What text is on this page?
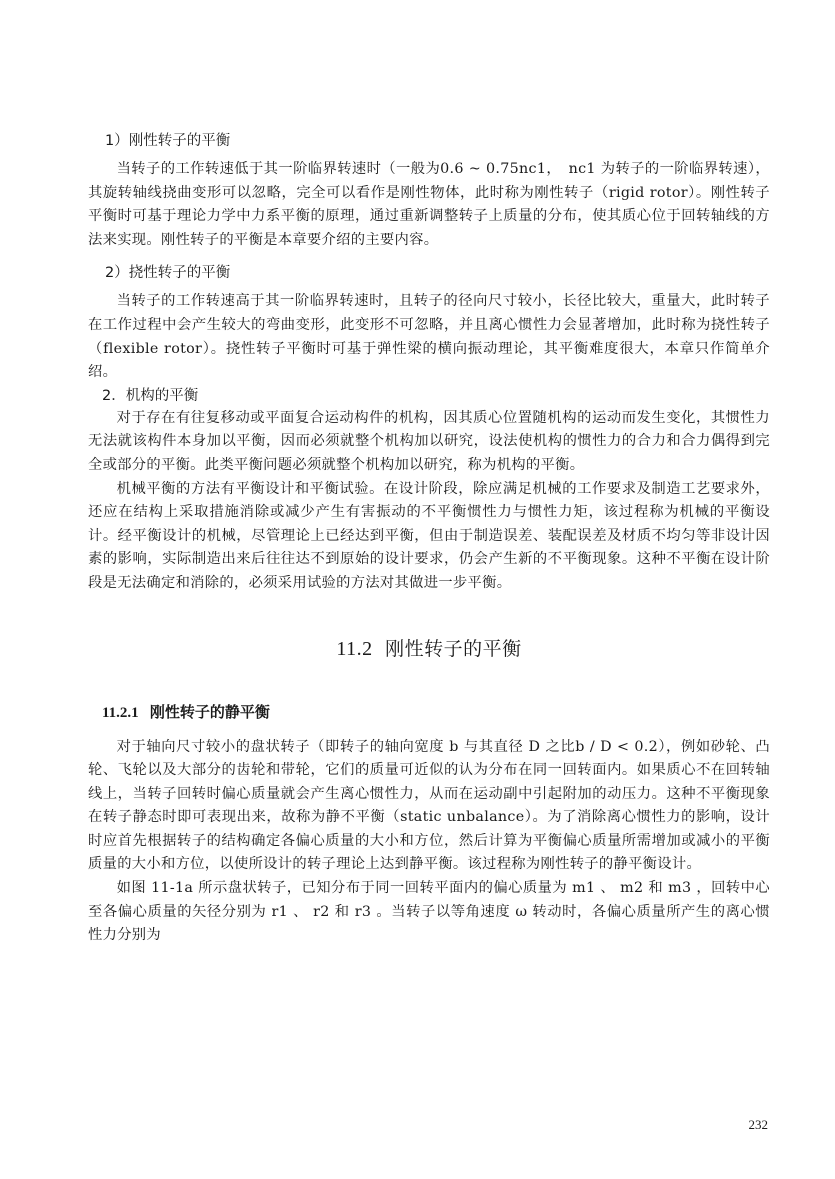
1）刚性转子的平衡

当转子的工作转速低于其一阶临界转速时（一般为0.6 ~ 0.75nc1，　nc1 为转子的一阶临界转速），其旋转轴线挠曲变形可以忽略，完全可以看作是刚性物体，此时称为刚性转子（rigid rotor）。刚性转子平衡时可基于理论力学中力系平衡的原理，通过重新调整转子上质量的分布，使其质心位于回转轴线的方法来实现。刚性转子的平衡是本章要介绍的主要内容。

2）挠性转子的平衡

当转子的工作转速高于其一阶临界转速时，且转子的径向尺寸较小，长径比较大，重量大，此时转子在工作过程中会产生较大的弯曲变形，此变形不可忽略，并且离心惯性力会显著增加，此时称为挠性转子（flexible rotor）。挠性转子平衡时可基于弹性梁的横向振动理论，其平衡难度很大，本章只作简单介绍。

2．机构的平衡

对于存在有往复移动或平面复合运动构件的机构，因其质心位置随机构的运动而发生变化，其惯性力无法就该构件本身加以平衡，因而必须就整个机构加以研究，设法使机构的惯性力的合力和合力偶得到完全或部分的平衡。此类平衡问题必须就整个机构加以研究，称为机构的平衡。

机械平衡的方法有平衡设计和平衡试验。在设计阶段，除应满足机械的工作要求及制造工艺要求外，还应在结构上采取措施消除或减少产生有害振动的不平衡惯性力与惯性力矩，该过程称为机械的平衡设计。经平衡设计的机械，尽管理论上已经达到平衡，但由于制造误差、装配误差及材质不均匀等非设计因素的影响，实际制造出来后往往达不到原始的设计要求，仍会产生新的不平衡现象。这种不平衡在设计阶段是无法确定和消除的，必须采用试验的方法对其做进一步平衡。

11.2 刚性转子的平衡
11.2.1 刚性转子的静平衡

对于轴向尺寸较小的盘状转子（即转子的轴向宽度 b 与其直径 D 之比b / D < 0.2），例如砂轮、凸轮、飞轮以及大部分的齿轮和带轮，它们的质量可近似的认为分布在同一回转面内。如果质心不在回转轴线上，当转子回转时偏心质量就会产生离心惯性力，从而在运动副中引起附加的动压力。这种不平衡现象在转子静态时即可表现出来，故称为静不平衡（static unbalance）。为了消除离心惯性力的影响，设计时应首先根据转子的结构确定各偏心质量的大小和方位，然后计算为平衡偏心质量所需增加或减小的平衡质量的大小和方位，以使所设计的转子理论上达到静平衡。该过程称为刚性转子的静平衡设计。

如图 11-1a 所示盘状转子，已知分布于同一回转平面内的偏心质量为 m1 、 m2 和 m3 ，回转中心至各偏心质量的矢径分别为 r1 、 r2 和 r3 。当转子以等角速度 ω 转动时，各偏心质量所产生的离心惯性力分别为

232
